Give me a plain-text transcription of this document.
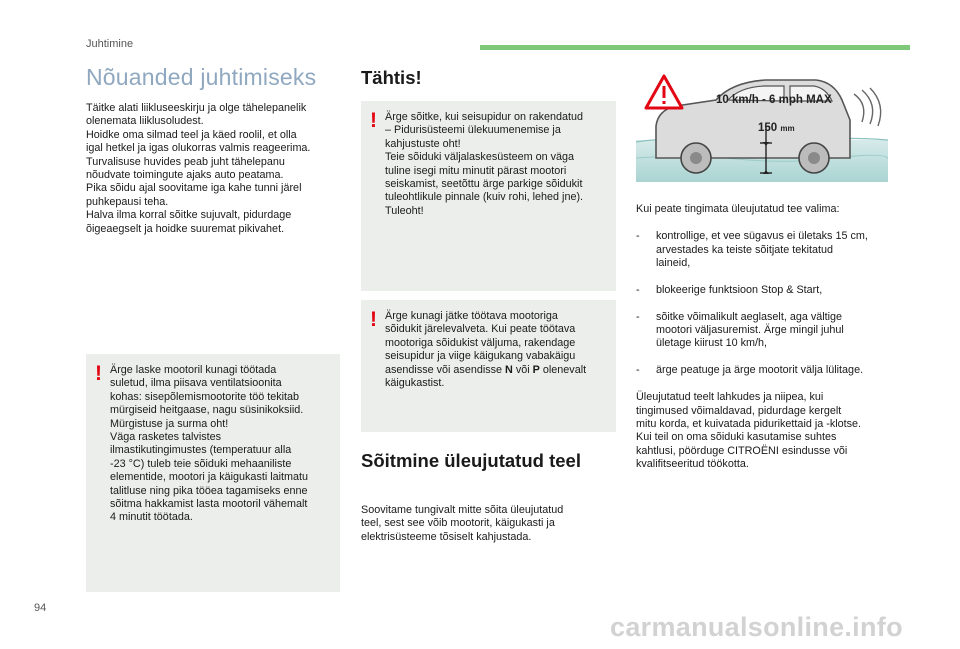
Juhtimine
Nõuanded juhtimiseks
Täitke alati liikluseeskirju ja olge tähelepanelik
olenemata liiklusoludest.
Hoidke oma silmad teel ja käed roolil, et olla
igal hetkel ja igas olukorras valmis reageerima.
Turvalisuse huvides peab juht tähelepanu
nõudvate toimingute ajaks auto peatama.
Pika sõidu ajal soovitame iga kahe tunni järel
puhkepausi teha.
Halva ilma korral sõitke sujuvalt, pidurdage
õigeaegselt ja hoidke suuremat pikivahet.
! Ärge laske mootoril kunagi töötada
suletud, ilma piisava ventilatsioonita
kohas: sisepõlemismootorite töö tekitab
mürgiseid heitgaase, nagu süsinikoksiid.
Mürgistuse ja surma oht!
Väga rasketes talvistes
ilmastikutingimustes (temperatuur alla
-23 °C) tuleb teie sõiduki mehaaniliste
elementide, mootori ja käigukasti laitmatu
talitluse ning pika tööea tagamiseks enne
sõitma hakkamist lasta mootoril vähemalt
4 minutit töötada.
Tähtis!
! Ärge sõitke, kui seisupidur on rakendatud
– Pidurisüsteemi ülekuumenemise ja
kahjustuste oht!
Teie sõiduki väljalaskesüsteem on väga
tuline isegi mitu minutit pärast mootori
seiskamist, seetõttu ärge parkige sõidukit
tuleohtlikule pinnale (kuiv rohi, lehed jne).
Tuleoht!
! Ärge kunagi jätke töötava mootoriga
sõidukit järelevalveta. Kui peate töötava
mootoriga sõidukist väljuma, rakendage
seisupidur ja viige käigukang vabakäigu
asendisse või asendisse N või P olenevalt
käigukastist.
Sõitmine üleujutatud teel
Soovitame tungivalt mitte sõita üleujutatud
teel, sest see võib mootorit, käigukasti ja
elektrisüsteeme tõsiselt kahjustada.
10 km/h - 6 mph MAX
150 mm

Kui peate tingimata üleujutatud tee valima:

- kontrollige, et vee sügavus ei ületaks 15 cm,
arvestades ka teiste sõitjate tekitatud
laineid,

- blokeerige funktsioon Stop & Start,

- sõitke võimalikult aeglaselt, aga vältige
mootori väljasuremist. Ärge mingil juhul
ületage kiirust 10 km/h,

- ärge peatuge ja ärge mootorit välja lülitage.

Üleujutatud teelt lahkudes ja niipea, kui
tingimused võimaldavad, pidurdage kergelt
mitu korda, et kuivatada pidurikettaid ja -klotse.
Kui teil on oma sõiduki kasutamise suhtes
kahtlusi, pöörduge CITROËNI esindusse või
kvalifitseeritud töökotta.

94
carmanualsonline.info
